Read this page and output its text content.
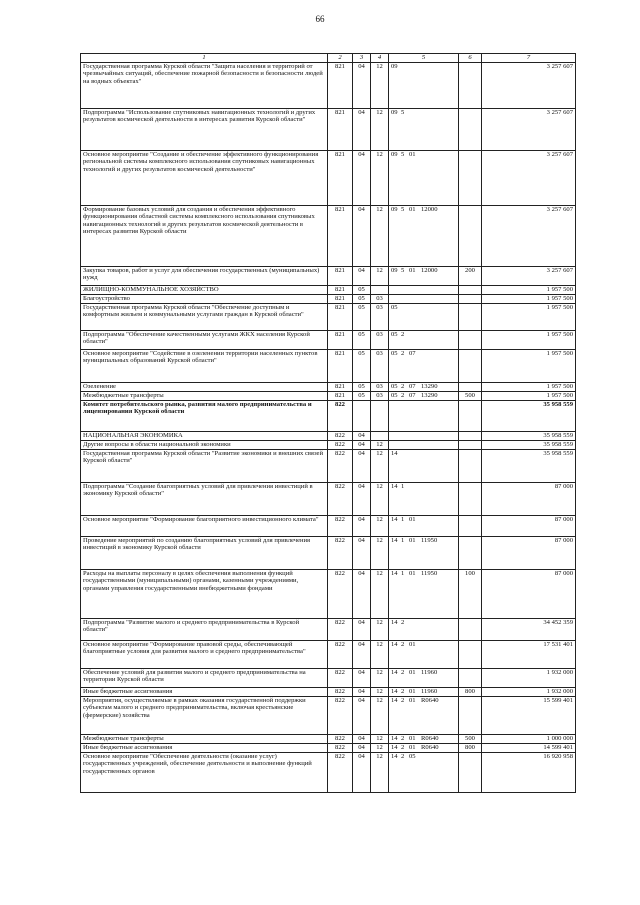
66
1	2	3	4	5	6	7
Государственная программа Курской области "Защита населения и территорий от чрезвычайных ситуаций, обеспечение пожарной безопасности и безопасности людей на водных объектах"	821	04	12	09		3 257 607
Подпрограмма "Использование спутниковых навигационных технологий и других результатов космической деятельности в интересах развития Курской области"	821	04	12	09 5		3 257 607
Основное мероприятие "Создание и обеспечение эффективного функционирования региональной системы комплексного использования спутниковых навигационных технологий и других результатов космической деятельности"	821	04	12	09 5 01		3 257 607
Формирование базовых условий для создания и обеспечения эффективного функционирования областной системы комплексного использования спутниковых навигационных технологий и других результатов космической деятельности в интересах развития Курской области	821	04	12	09 5 01 12000		3 257 607
Закупка товаров, работ и услуг для обеспечения государственных (муниципальных) нужд	821	04	12	09 5 01 12000	200	3 257 607
ЖИЛИЩНО-КОММУНАЛЬНОЕ ХОЗЯЙСТВО	821	05				1 957 500
Благоустройство	821	05	03			1 957 500
Государственная программа Курской области "Обеспечение доступным и комфортным жильем и коммунальными услугами граждан в Курской области"	821	05	03	05		1 957 500
Подпрограмма "Обеспечение качественными услугами ЖКХ населения Курской области"	821	05	03	05 2		1 957 500
Основное мероприятие "Содействие в озеленении территории населенных пунктов муниципальных образований Курской области"	821	05	03	05 2 07		1 957 500
Озеленение	821	05	03	05 2 07 13290		1 957 500
Межбюджетные трансферты	821	05	03	05 2 07 13290	500	1 957 500
Комитет потребительского рынка, развития малого предпринимательства и лицензирования Курской области	822					35 958 559
НАЦИОНАЛЬНАЯ ЭКОНОМИКА	822	04				35 958 559
Другие вопросы в области национальной экономики	822	04	12			35 958 559
Государственная программа Курской области "Развитие экономики и внешних связей Курской области"	822	04	12	14		35 958 559
Подпрограмма "Создание благоприятных условий для привлечения инвестиций в экономику Курской области"	822	04	12	14 1		87 000
Основное мероприятие "Формирование благоприятного инвестиционного климата"	822	04	12	14 1 01		87 000
Проведение мероприятий по созданию благоприятных условий для привлечения инвестиций в экономику Курской области	822	04	12	14 1 01 11950		87 000
Расходы на выплаты персоналу в целях обеспечения выполнения функций государственными (муниципальными) органами, казенными учреждениями, органами управления государственными внебюджетными фондами	822	04	12	14 1 01 11950	100	87 000
Подпрограмма "Развитие малого и среднего предпринимательства в Курской области"	822	04	12	14 2		34 452 359
Основное мероприятие "Формирование правовой среды, обеспечивающей благоприятные условия для развития малого и среднего предпринимательства"	822	04	12	14 2 01		17 531 401
Обеспечение условий для развития малого и среднего предпринимательства на территории Курской области	822	04	12	14 2 01 11960		1 932 000
Иные бюджетные ассигнования	822	04	12	14 2 01 11960	800	1 932 000
Мероприятия, осуществляемые в рамках оказания государственной поддержки субъектам малого и среднего предпринимательства, включая крестьянские (фермерские) хозяйства	822	04	12	14 2 01 R0640		15 599 401
Межбюджетные трансферты	822	04	12	14 2 01 R0640	500	1 000 000
Иные бюджетные ассигнования	822	04	12	14 2 01 R0640	800	14 599 401
Основное мероприятие "Обеспечение деятельности (оказание услуг) государственных учреждений, обеспечение деятельности и выполнение функций государственных органов	822	04	12	14 2 05		16 920 958
